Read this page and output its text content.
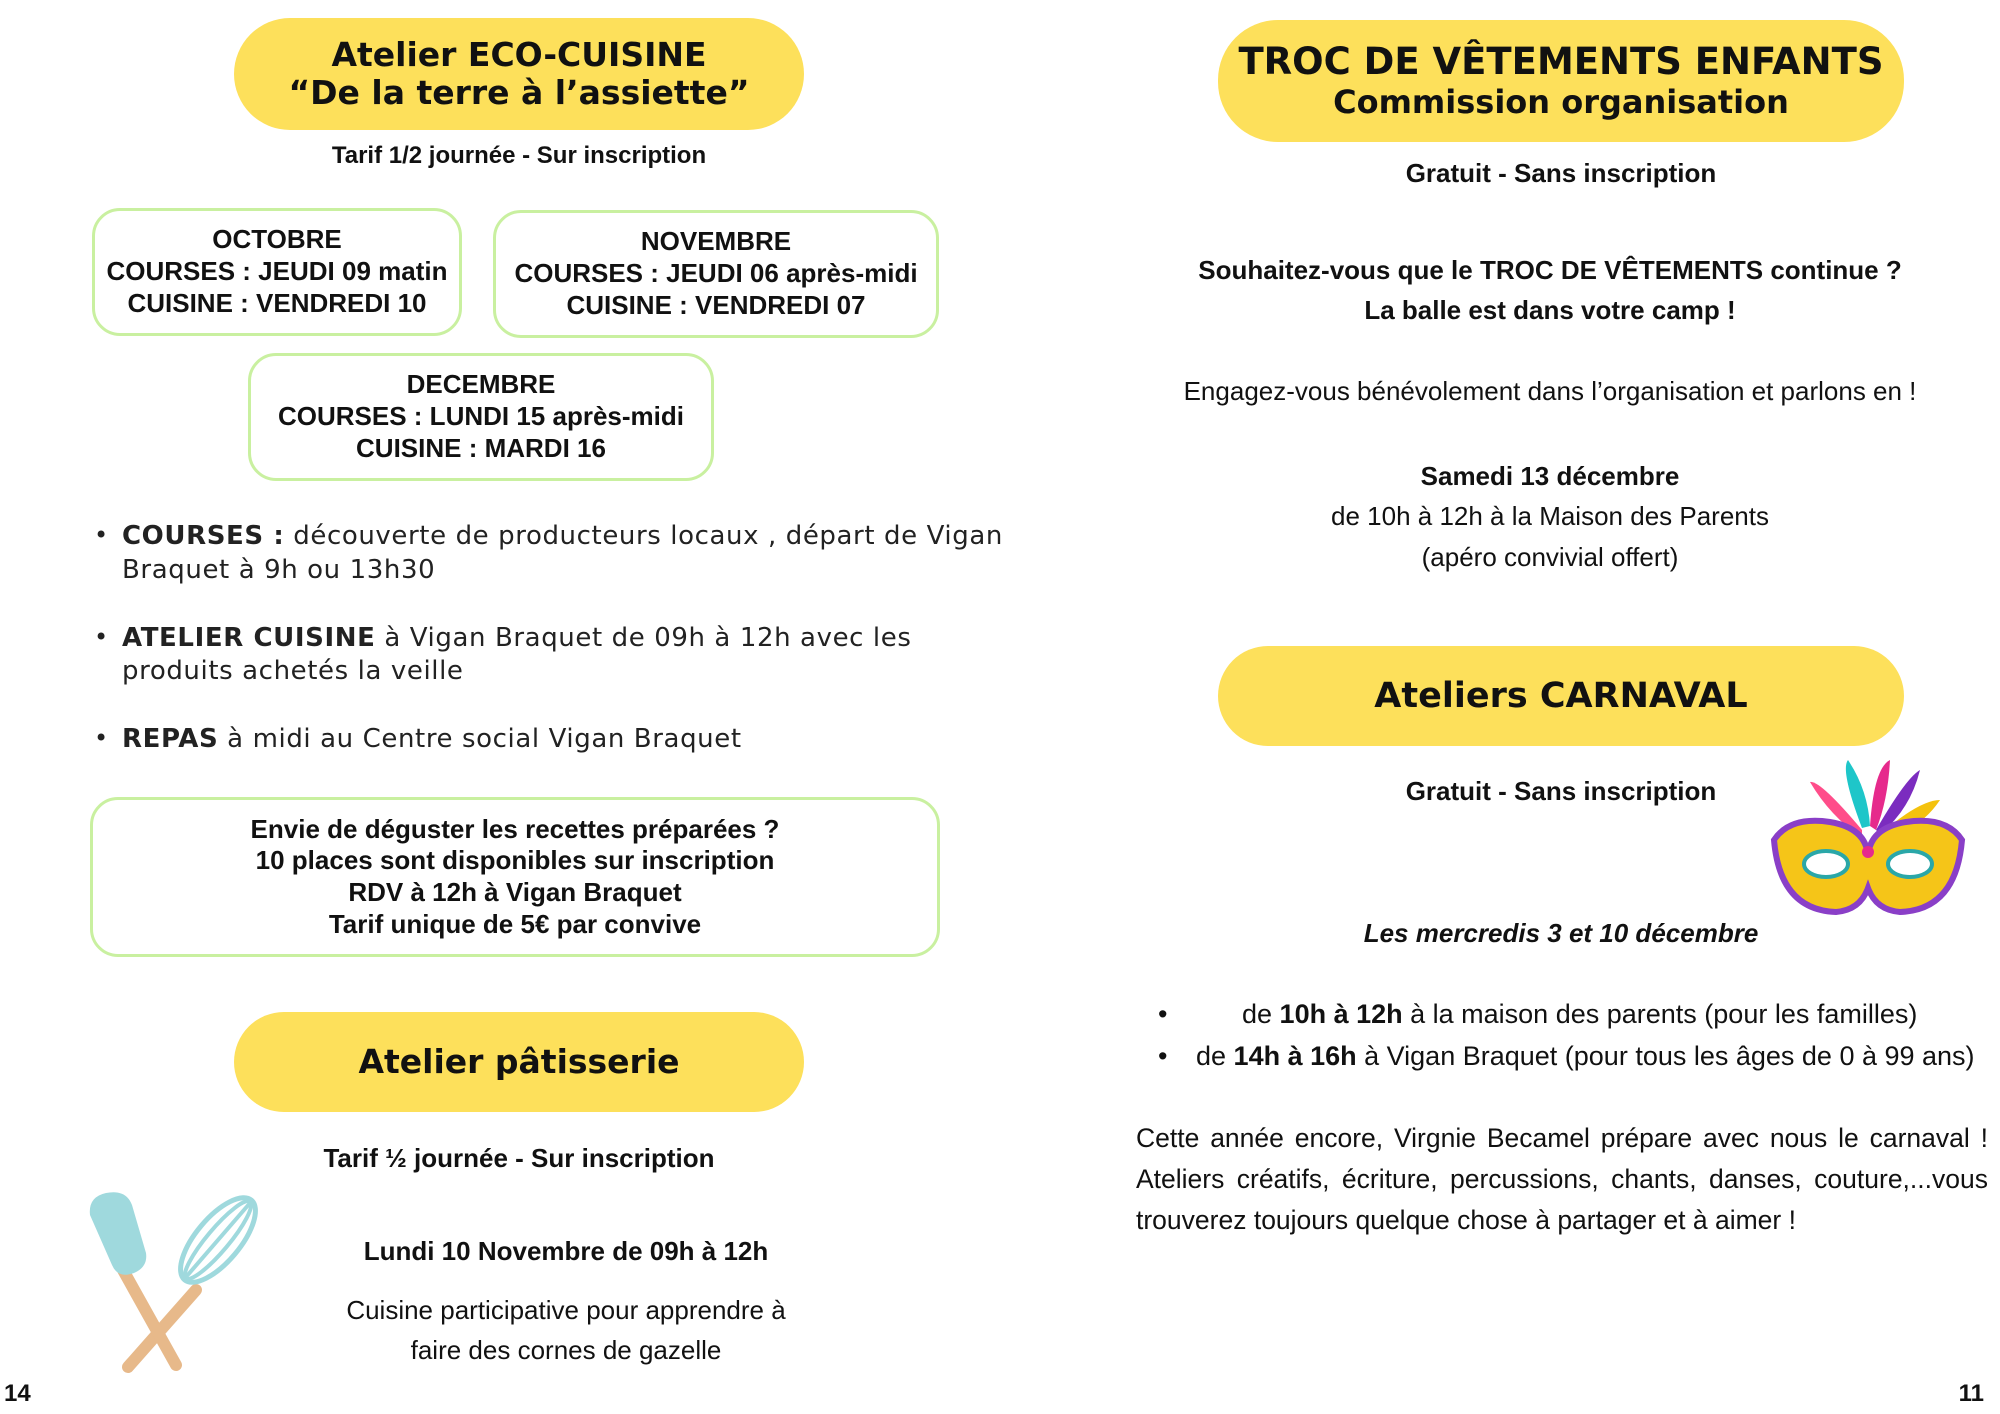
Atelier ECO-CUISINE
“De la terre à l’assiette”
Tarif 1/2 journée - Sur inscription
OCTOBRE
COURSES : JEUDI 09 matin
CUISINE : VENDREDI 10
NOVEMBRE
COURSES : JEUDI 06 après-midi
CUISINE : VENDREDI 07
DECEMBRE
COURSES : LUNDI 15 après-midi
CUISINE : MARDI 16
• COURSES : découverte de producteurs locaux , départ de Vigan Braquet à 9h ou 13h30
• ATELIER CUISINE à Vigan Braquet de 09h à 12h avec les produits achetés la veille
• REPAS à midi au Centre social Vigan Braquet
Envie de déguster les recettes préparées ?
10 places sont disponibles sur inscription
RDV à 12h à Vigan Braquet
Tarif unique de 5€ par convive
Atelier pâtisserie
Tarif ½ journée - Sur inscription
Lundi 10 Novembre de 09h à 12h
Cuisine participative pour apprendre à
faire des cornes de gazelle
14
TROC DE VÊTEMENTS ENFANTS
Commission organisation
Gratuit - Sans inscription
Souhaitez-vous que le TROC DE VÊTEMENTS continue ?
La balle est dans votre camp !
Engagez-vous bénévolement dans l’organisation et parlons en !
Samedi 13 décembre
de 10h à 12h à la Maison des Parents
(apéro convivial offert)
Ateliers CARNAVAL
Gratuit - Sans inscription
Les mercredis 3 et 10 décembre
• de 10h à 12h à la maison des parents (pour les familles)
• de 14h à 16h à Vigan Braquet (pour tous les âges de 0 à 99 ans)
Cette année encore, Virgnie Becamel prépare avec nous le carnaval ! Ateliers créatifs, écriture, percussions, chants, danses, couture,...vous trouverez toujours quelque chose à partager et à aimer !
11
